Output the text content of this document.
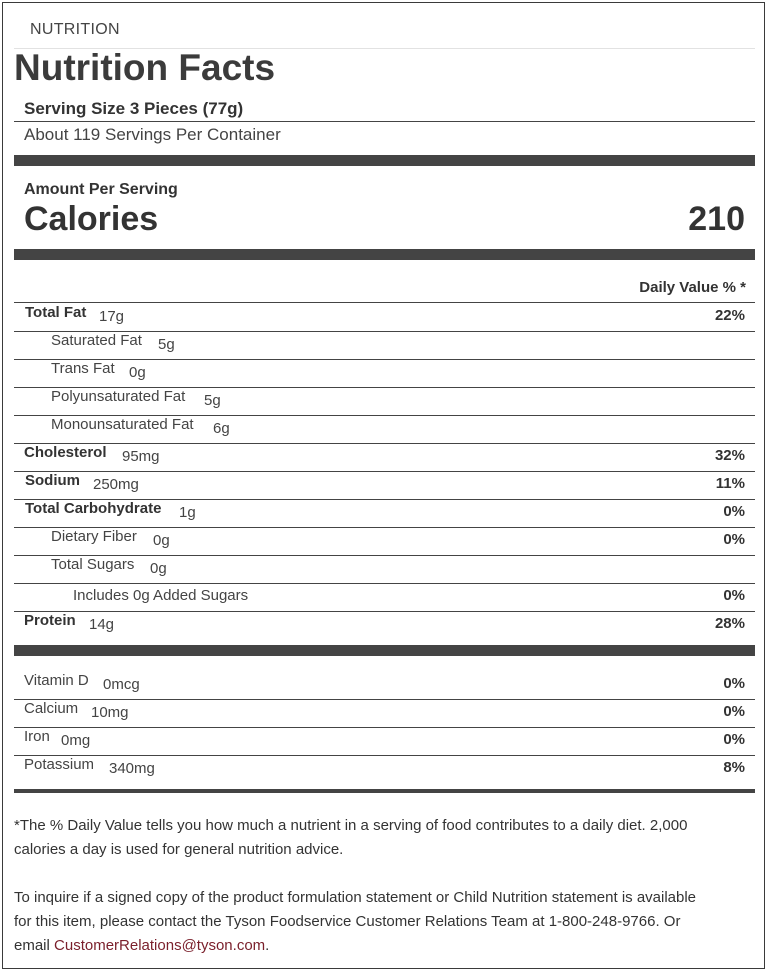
NUTRITION
Nutrition Facts
Serving Size 3 Pieces (77g)
About 119 Servings Per Container
Amount Per Serving
Calories	210
Daily Value % *
Total Fat 17g	22%
Saturated Fat 5g
Trans Fat 0g
Polyunsaturated Fat 5g
Monounsaturated Fat 6g
Cholesterol 95mg	32%
Sodium 250mg	11%
Total Carbohydrate 1g	0%
Dietary Fiber 0g	0%
Total Sugars 0g
Includes 0g Added Sugars	0%
Protein 14g	28%
Vitamin D 0mcg	0%
Calcium 10mg	0%
Iron 0mg	0%
Potassium 340mg	8%
*The % Daily Value tells you how much a nutrient in a serving of food contributes to a daily diet. 2,000
calories a day is used for general nutrition advice.
To inquire if a signed copy of the product formulation statement or Child Nutrition statement is available
for this item, please contact the Tyson Foodservice Customer Relations Team at 1-800-248-9766. Or
email CustomerRelations@tyson.com.
